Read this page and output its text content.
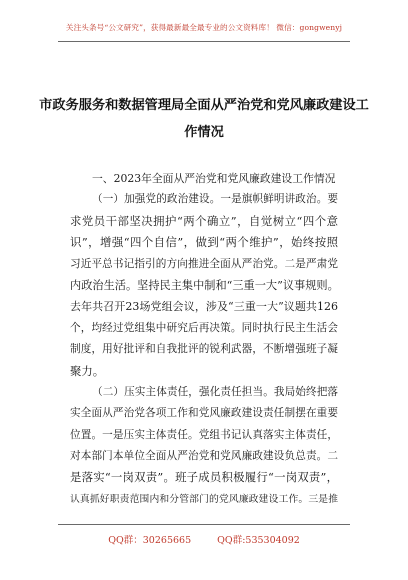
关注头条号“公文研究”，获得最新最全最专业的公文资料库！ 微信：gongwenyj
市政务服务和数据管理局全面从严治党和党风廉政建设工
作情况
一、2023年全面从严治党和党风廉政建设工作情况
（一）加强党的政治建设。一是旗帜鲜明讲政治。要
求党员干部坚决拥护“两个确立”，自觉树立“四个意
识”，增强“四个自信”，做到“两个维护”，始终按照
习近平总书记指引的方向推进全面从严治党。二是严肃党
内政治生活。坚持民主集中制和“三重一大”议事规则。
去年共召开23场党组会议，涉及“三重一大”议题共126
个，均经过党组集中研究后再决策。同时执行民主生活会
制度，用好批评和自我批评的锐利武器，不断增强班子凝
聚力。
（二）压实主体责任，强化责任担当。我局始终把落
实全面从严治党各项工作和党风廉政建设责任制摆在重要
位置。一是压实主体责任。党组书记认真落实主体责任，
对本部门本单位全面从严治党和党风廉政建设负总责。二
是落实“一岗双责”。班子成员积极履行“一岗双责”，
认真抓好职责范围内和分管部门的党风廉政建设工作。三是推
QQ群：30265665	QQ群:535304092
